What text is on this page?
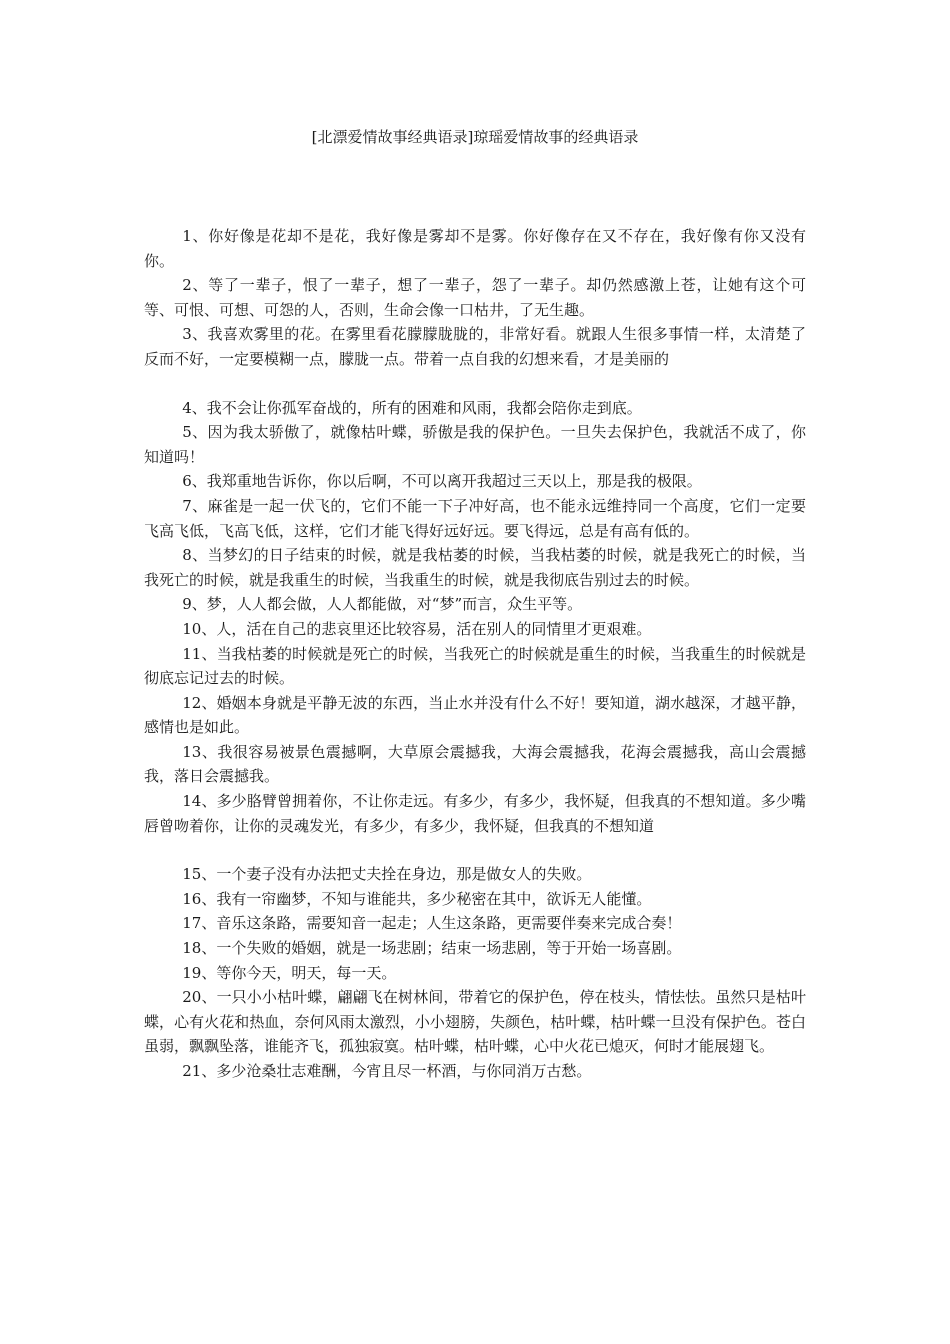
[北漂爱情故事经典语录]琼瑶爱情故事的经典语录

1、你好像是花却不是花，我好像是雾却不是雾。你好像存在又不存在，我好像有你又没有你。

2、等了一辈子，恨了一辈子，想了一辈子，怨了一辈子。却仍然感激上苍，让她有这个可等、可恨、可想、可怨的人，否则，生命会像一口枯井，了无生趣。

3、我喜欢雾里的花。在雾里看花朦朦胧胧的，非常好看。就跟人生很多事情一样，太清楚了反而不好，一定要模糊一点，朦胧一点。带着一点自我的幻想来看，才是美丽的

4、我不会让你孤军奋战的，所有的困难和风雨，我都会陪你走到底。

5、因为我太骄傲了，就像枯叶蝶，骄傲是我的保护色。一旦失去保护色，我就活不成了，你知道吗！

6、我郑重地告诉你，你以后啊，不可以离开我超过三天以上，那是我的极限。

7、麻雀是一起一伏飞的，它们不能一下子冲好高，也不能永远维持同一个高度，它们一定要飞高飞低，飞高飞低，这样，它们才能飞得好远好远。要飞得远，总是有高有低的。

8、当梦幻的日子结束的时候，就是我枯萎的时候，当我枯萎的时候，就是我死亡的时候，当我死亡的时候，就是我重生的时候，当我重生的时候，就是我彻底告别过去的时候。

9、梦，人人都会做，人人都能做，对“梦”而言，众生平等。

10、人，活在自己的悲哀里还比较容易，活在别人的同情里才更艰难。

11、当我枯萎的时候就是死亡的时候，当我死亡的时候就是重生的时候，当我重生的时候就是彻底忘记过去的时候。

12、婚姻本身就是平静无波的东西，当止水并没有什么不好！要知道，湖水越深，才越平静，感情也是如此。

13、我很容易被景色震撼啊，大草原会震撼我，大海会震撼我，花海会震撼我，高山会震撼我，落日会震撼我。

14、多少胳臂曾拥着你，不让你走远。有多少，有多少，我怀疑，但我真的不想知道。多少嘴唇曾吻着你，让你的灵魂发光，有多少，有多少，我怀疑，但我真的不想知道

15、一个妻子没有办法把丈夫拴在身边，那是做女人的失败。

16、我有一帘幽梦，不知与谁能共，多少秘密在其中，欲诉无人能懂。

17、音乐这条路，需要知音一起走；人生这条路，更需要伴奏来完成合奏！

18、一个失败的婚姻，就是一场悲剧；结束一场悲剧，等于开始一场喜剧。

19、等你今天，明天，每一天。

20、一只小小枯叶蝶，翩翩飞在树林间，带着它的保护色，停在枝头，情怯怯。虽然只是枯叶蝶，心有火花和热血，奈何风雨太激烈，小小翅膀，失颜色，枯叶蝶，枯叶蝶一旦没有保护色。苍白虽弱，飘飘坠落，谁能齐飞，孤独寂寞。枯叶蝶，枯叶蝶，心中火花已熄灭，何时才能展翅飞。

21、多少沧桑壮志难酬，今宵且尽一杯酒，与你同消万古愁。
